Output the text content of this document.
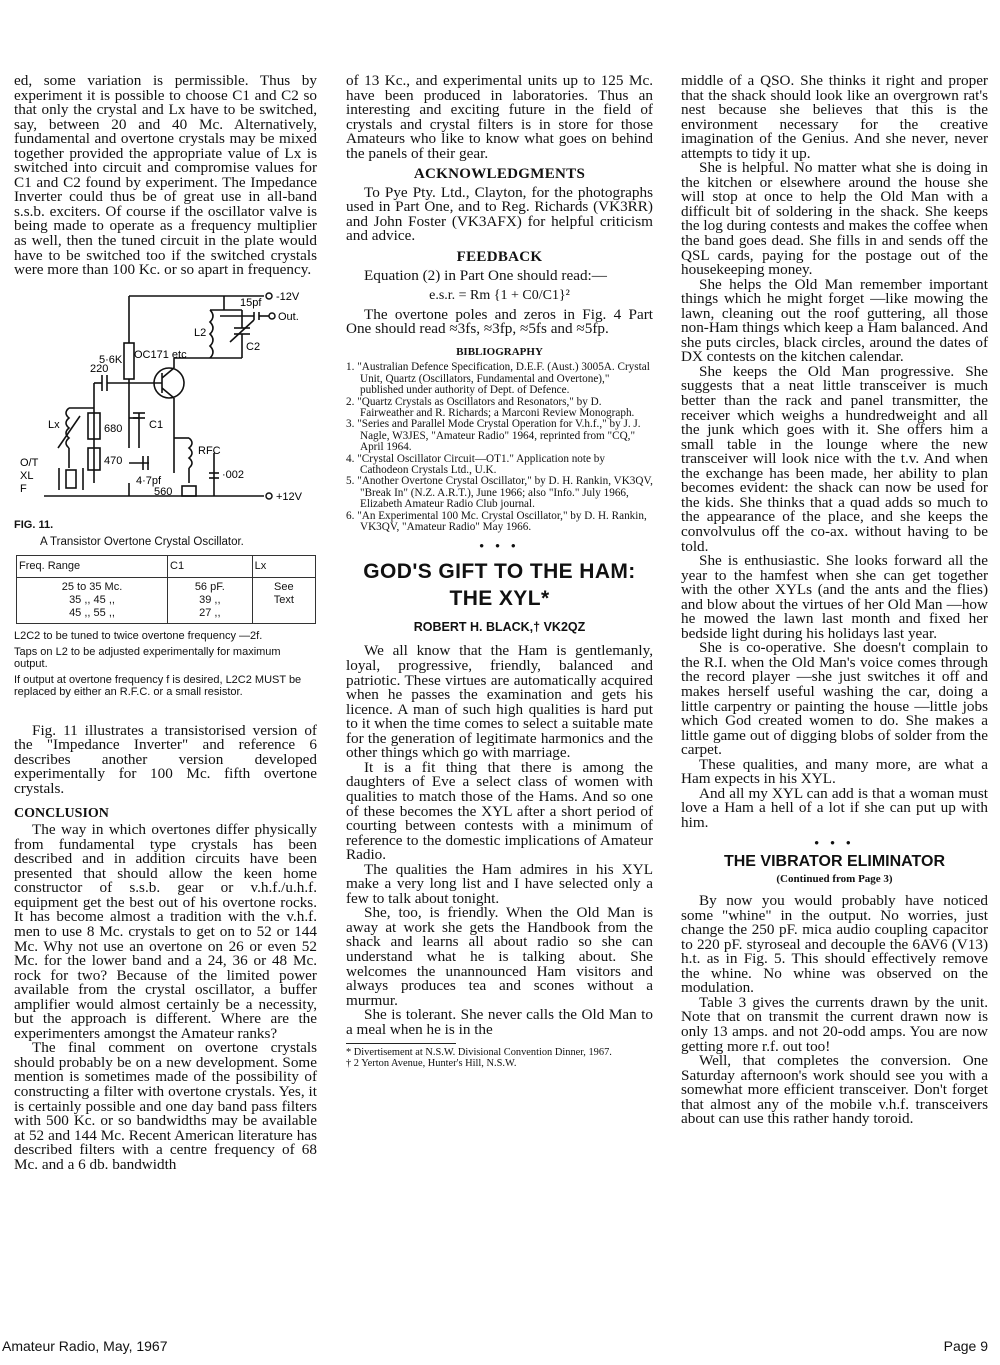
ed, some variation is permissible. Thus by experiment it is possible to choose C1 and C2 so that only the crystal and Lx have to be switched, say, between 20 and 40 Mc. Alternatively, fundamental and overtone crystals may be mixed together provided the appropriate value of Lx is switched into circuit and compromise values for C1 and C2 found by experiment. The Impedance Inverter could thus be of great use in all-band s.s.b. exciters. Of course if the oscillator valve is being made to operate as a frequency multiplier as well, then the tuned circuit in the plate would have to be switched too if the switched crystals were more than 100 Kc. or so apart in frequency.

-12V
15pf
Out.
L2
C2
5·6K OC171 etc
220
C1
Lx	680
470
4·7pf
RFC
560
·002
O/T
XL
F
+12V
FIG. 11.
A Transistor Overtone Crystal Oscillator.
Freq. Range	C1	Lx
25 to 35 Mc.	56 pF.	See
35 ,, 45 ,,	39 ,,	Text
45 ,, 55 ,,	27 ,,	
L2C2 to be tuned to twice overtone frequency —2f.
Taps on L2 to be adjusted experimentally for maximum output.
If output at overtone frequency f is desired, L2C2 MUST be replaced by either an R.F.C. or a small resistor.

Fig. 11 illustrates a transistorised version of the "Impedance Inverter" and reference 6 describes another version developed experimentally for 100 Mc. fifth overtone crystals.

CONCLUSION

The way in which overtones differ physically from fundamental type crystals has been described and in addition circuits have been presented that should allow the keen home constructor of s.s.b. gear or v.h.f./u.h.f. equipment get the best out of his overtone rocks. It has become almost a tradition with the v.h.f. men to use 8 Mc. crystals to get on to 52 or 144 Mc. Why not use an overtone on 26 or even 52 Mc. for the lower band and a 24, 36 or 48 Mc. rock for two? Because of the limited power available from the crystal oscillator, a buffer amplifier would almost certainly be a necessity, but the approach is different. Where are the experimenters amongst the Amateur ranks?

The final comment on overtone crystals should probably be on a new development. Some mention is sometimes made of the possibility of constructing a filter with overtone crystals. Yes, it is certainly possible and one day band pass filters with 500 Kc. or so bandwidths may be available at 52 and 144 Mc. Recent American literature has described filters with a centre frequency of 68 Mc. and a 6 db. bandwidth

of 13 Kc., and experimental units up to 125 Mc. have been produced in laboratories. Thus an interesting and exciting future in the field of crystals and crystal filters is in store for those Amateurs who like to know what goes on behind the panels of their gear.

ACKNOWLEDGMENTS

To Pye Pty. Ltd., Clayton, for the photographs used in Part One, and to Reg. Richards (VK3RR) and John Foster (VK3AFX) for helpful criticism and advice.

FEEDBACK

Equation (2) in Part One should read:—

e.s.r. = Rm {1 + C0/C1}²

The overtone poles and zeros in Fig. 4 Part One should read ≈3fs, ≈3fp, ≈5fs and ≈5fp.

BIBLIOGRAPHY
1. "Australian Defence Specification, D.E.F. (Aust.) 3005A. Crystal Unit, Quartz (Oscillators, Fundamental and Overtone)," published under authority of Dept. of Defence.
2. "Quartz Crystals as Oscillators and Resonators," by D. Fairweather and R. Richards; a Marconi Review Monograph.
3. "Series and Parallel Mode Crystal Operation for V.h.f.," by J. J. Nagle, W3JES, "Amateur Radio" 1964, reprinted from "CQ," April 1964.
4. "Crystal Oscillator Circuit—OT1." Application note by Cathodeon Crystals Ltd., U.K.
5. "Another Overtone Crystal Oscillator," by D. H. Rankin, VK3QV, "Break In" (N.Z. A.R.T.), June 1966; also "Info." July 1966, Elizabeth Amateur Radio Club journal.
6. "An Experimental 100 Mc. Crystal Oscillator," by D. H. Rankin, VK3QV, "Amateur Radio" May 1966.
• • •
GOD'S GIFT TO THE HAM:
THE XYL*
ROBERT H. BLACK,† VK2QZ

We all know that the Ham is gentlemanly, loyal, progressive, friendly, balanced and patriotic. These virtues are automatically acquired when he passes the examination and gets his licence. A man of such high qualities is hard put to it when the time comes to select a suitable mate for the generation of legitimate harmonics and the other things which go with marriage.

It is a fit thing that there is among the daughters of Eve a select class of women with qualities to match those of the Hams. And so one of these becomes the XYL after a short period of courting between contests with a minimum of reference to the domestic implications of Amateur Radio.

The qualities the Ham admires in his XYL make a very long list and I have selected only a few to talk about tonight.

She, too, is friendly. When the Old Man is away at work she gets the Handbook from the shack and learns all about radio so she can understand what he is talking about. She welcomes the unannounced Ham visitors and always produces tea and scones without a murmur.

She is tolerant. She never calls the Old Man to a meal when he is in the

* Divertisement at N.S.W. Divisional Convention Dinner, 1967.
† 2 Yerton Avenue, Hunter's Hill, N.S.W.

middle of a QSO. She thinks it right and proper that the shack should look like an overgrown rat's nest because she believes that this is the environment necessary for the creative imagination of the Genius. And she never, never attempts to tidy it up.

She is helpful. No matter what she is doing in the kitchen or elsewhere around the house she will stop at once to help the Old Man with a difficult bit of soldering in the shack. She keeps the log during contests and makes the coffee when the band goes dead. She fills in and sends off the QSL cards, paying for the postage out of the housekeeping money.

She helps the Old Man remember important things which he might forget —like mowing the lawn, cleaning out the roof guttering, all those non-Ham things which keep a Ham balanced. And she puts circles, black circles, around the dates of DX contests on the kitchen calendar.

She keeps the Old Man progressive. She suggests that a neat little transceiver is much better than the rack and panel transmitter, the receiver which weighs a hundredweight and all the junk which goes with it. She offers him a small table in the lounge where the new transceiver will look nice with the t.v. And when the exchange has been made, her ability to plan becomes evident: the shack can now be used for the kids. She thinks that a quad adds so much to the appearance of the place, and she keeps the convolvulus off the co-ax. without having to be told.

She is enthusiastic. She looks forward all the year to the hamfest when she can get together with the other XYLs (and the ants and the flies) and blow about the virtues of her Old Man —how he mowed the lawn last month and fixed her bedside light during his holidays last year.

She is co-operative. She doesn't complain to the R.I. when the Old Man's voice comes through the record player —she just switches it off and makes herself useful washing the car, doing a little carpentry or painting the house —little jobs which God created women to do. She makes a little game out of digging blobs of solder from the carpet.

These qualities, and many more, are what a Ham expects in his XYL.

And all my XYL can add is that a woman must love a Ham a hell of a lot if she can put up with him.

• • •
THE VIBRATOR ELIMINATOR
(Continued from Page 3)

By now you would probably have noticed some "whine" in the output. No worries, just change the 250 pF. mica audio coupling capacitor to 220 pF. styroseal and decouple the 6AV6 (V13) h.t. as in Fig. 5. This should effectively remove the whine. No whine was observed on the modulation.

Table 3 gives the currents drawn by the unit. Note that on transmit the current drawn now is only 13 amps. and not 20-odd amps. You are now getting more r.f. out too!

Well, that completes the conversion. One Saturday afternoon's work should see you with a somewhat more efficient transceiver. Don't forget that almost any of the mobile v.h.f. transceivers about can use this rather handy toroid.

Amateur Radio, May, 1967	Page 9
